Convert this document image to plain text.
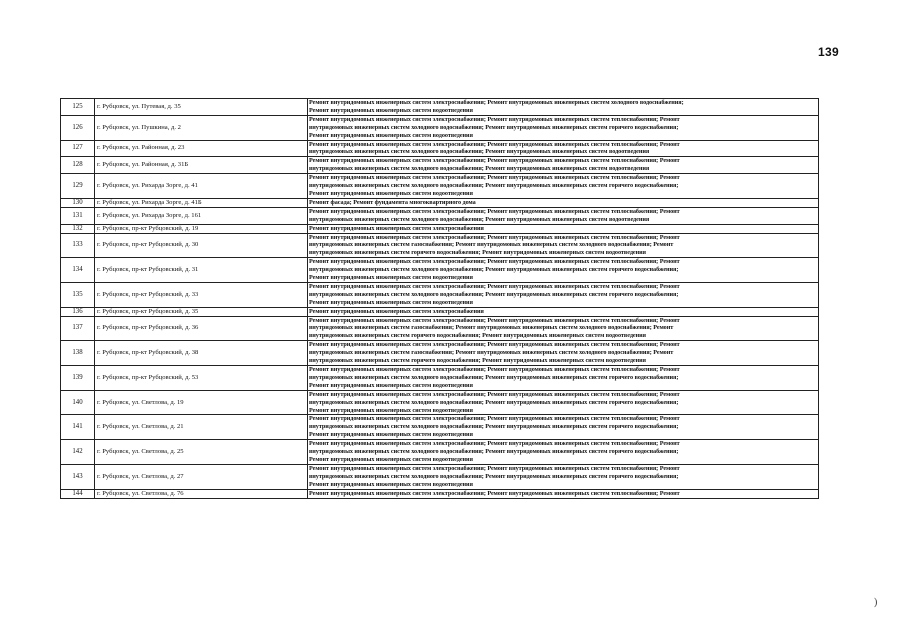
139
125	г. Рубцовск, ул. Путевая, д. 35	Ремонт внутридомовых инженерных систем электроснабжения; Ремонт внутридомовых инженерных систем холодного водоснабжения;
Ремонт внутридомовых инженерных систем водоотведения

126	г. Рубцовск, ул. Пушкина, д. 2	Ремонт внутридомовых инженерных систем электроснабжения; Ремонт внутридомовых инженерных систем теплоснабжения; Ремонт
внутридомовых инженерных систем холодного водоснабжения; Ремонт внутридомовых инженерных систем горячего водоснабжения;
Ремонт внутридомовых инженерных систем водоотведения

127	г. Рубцовск, ул. Районная, д. 23	Ремонт внутридомовых инженерных систем электроснабжения; Ремонт внутридомовых инженерных систем теплоснабжения; Ремонт
внутридомовых инженерных систем холодного водоснабжения; Ремонт внутридомовых инженерных систем водоотведения

128	г. Рубцовск, ул. Районная, д. 31Б	Ремонт внутридомовых инженерных систем электроснабжения; Ремонт внутридомовых инженерных систем теплоснабжения; Ремонт
внутридомовых инженерных систем холодного водоснабжения; Ремонт внутридомовых инженерных систем водоотведения

129	г. Рубцовск, ул. Рихарда Зорге, д. 41	Ремонт внутридомовых инженерных систем электроснабжения; Ремонт внутридомовых инженерных систем теплоснабжения; Ремонт
внутридомовых инженерных систем холодного водоснабжения; Ремонт внутридомовых инженерных систем горячего водоснабжения;
Ремонт внутридомовых инженерных систем водоотведения

130	г. Рубцовск, ул. Рихарда Зорге, д. 41Б	Ремонт фасада; Ремонт фундамента многоквартирного дома

131	г. Рубцовск, ул. Рихарда Зорге, д. 161	Ремонт внутридомовых инженерных систем электроснабжения; Ремонт внутридомовых инженерных систем теплоснабжения; Ремонт
внутридомовых инженерных систем холодного водоснабжения; Ремонт внутридомовых инженерных систем водоотведения

132	г. Рубцовск, пр-кт Рубцовский, д. 19	Ремонт внутридомовых инженерных систем электроснабжения

133	г. Рубцовск, пр-кт Рубцовский, д. 30	Ремонт внутридомовых инженерных систем электроснабжения; Ремонт внутридомовых инженерных систем теплоснабжения; Ремонт
внутридомовых инженерных систем газоснабжения; Ремонт внутридомовых инженерных систем холодного водоснабжения; Ремонт
внутридомовых инженерных систем горячего водоснабжения; Ремонт внутридомовых инженерных систем водоотведения

134	г. Рубцовск, пр-кт Рубцовский, д. 31	Ремонт внутридомовых инженерных систем электроснабжения; Ремонт внутридомовых инженерных систем теплоснабжения; Ремонт
внутридомовых инженерных систем холодного водоснабжения; Ремонт внутридомовых инженерных систем горячего водоснабжения;
Ремонт внутридомовых инженерных систем водоотведения

135	г. Рубцовск, пр-кт Рубцовский, д. 33	Ремонт внутридомовых инженерных систем электроснабжения; Ремонт внутридомовых инженерных систем теплоснабжения; Ремонт
внутридомовых инженерных систем холодного водоснабжения; Ремонт внутридомовых инженерных систем горячего водоснабжения;
Ремонт внутридомовых инженерных систем водоотведения

136	г. Рубцовск, пр-кт Рубцовский, д. 35	Ремонт внутридомовых инженерных систем электроснабжения

137	г. Рубцовск, пр-кт Рубцовский, д. 36	Ремонт внутридомовых инженерных систем электроснабжения; Ремонт внутридомовых инженерных систем теплоснабжения; Ремонт
внутридомовых инженерных систем газоснабжения; Ремонт внутридомовых инженерных систем холодного водоснабжения; Ремонт
внутридомовых инженерных систем горячего водоснабжения; Ремонт внутридомовых инженерных систем водоотведения

138	г. Рубцовск, пр-кт Рубцовский, д. 38	Ремонт внутридомовых инженерных систем электроснабжения; Ремонт внутридомовых инженерных систем теплоснабжения; Ремонт
внутридомовых инженерных систем газоснабжения; Ремонт внутридомовых инженерных систем холодного водоснабжения; Ремонт
внутридомовых инженерных систем горячего водоснабжения; Ремонт внутридомовых инженерных систем водоотведения

139	г. Рубцовск, пр-кт Рубцовский, д. 53	Ремонт внутридомовых инженерных систем электроснабжения; Ремонт внутридомовых инженерных систем теплоснабжения; Ремонт
внутридомовых инженерных систем холодного водоснабжения; Ремонт внутридомовых инженерных систем горячего водоснабжения;
Ремонт внутридомовых инженерных систем водоотведения

140	г. Рубцовск, ул. Светлова, д. 19	Ремонт внутридомовых инженерных систем электроснабжения; Ремонт внутридомовых инженерных систем теплоснабжения; Ремонт
внутридомовых инженерных систем холодного водоснабжения; Ремонт внутридомовых инженерных систем горячего водоснабжения;
Ремонт внутридомовых инженерных систем водоотведения

141	г. Рубцовск, ул. Светлова, д. 21	Ремонт внутридомовых инженерных систем электроснабжения; Ремонт внутридомовых инженерных систем теплоснабжения; Ремонт
внутридомовых инженерных систем холодного водоснабжения; Ремонт внутридомовых инженерных систем горячего водоснабжения;
Ремонт внутридомовых инженерных систем водоотведения

142	г. Рубцовск, ул. Светлова, д. 25	Ремонт внутридомовых инженерных систем электроснабжения; Ремонт внутридомовых инженерных систем теплоснабжения; Ремонт
внутридомовых инженерных систем холодного водоснабжения; Ремонт внутридомовых инженерных систем горячего водоснабжения;
Ремонт внутридомовых инженерных систем водоотведения

143	г. Рубцовск, ул. Светлова, д. 27	Ремонт внутридомовых инженерных систем электроснабжения; Ремонт внутридомовых инженерных систем теплоснабжения; Ремонт
внутридомовых инженерных систем холодного водоснабжения; Ремонт внутридомовых инженерных систем горячего водоснабжения;
Ремонт внутридомовых инженерных систем водоотведения

144	г. Рубцовск, ул. Светлова, д. 76	Ремонт внутридомовых инженерных систем электроснабжения; Ремонт внутридомовых инженерных систем теплоснабжения; Ремонт
)
